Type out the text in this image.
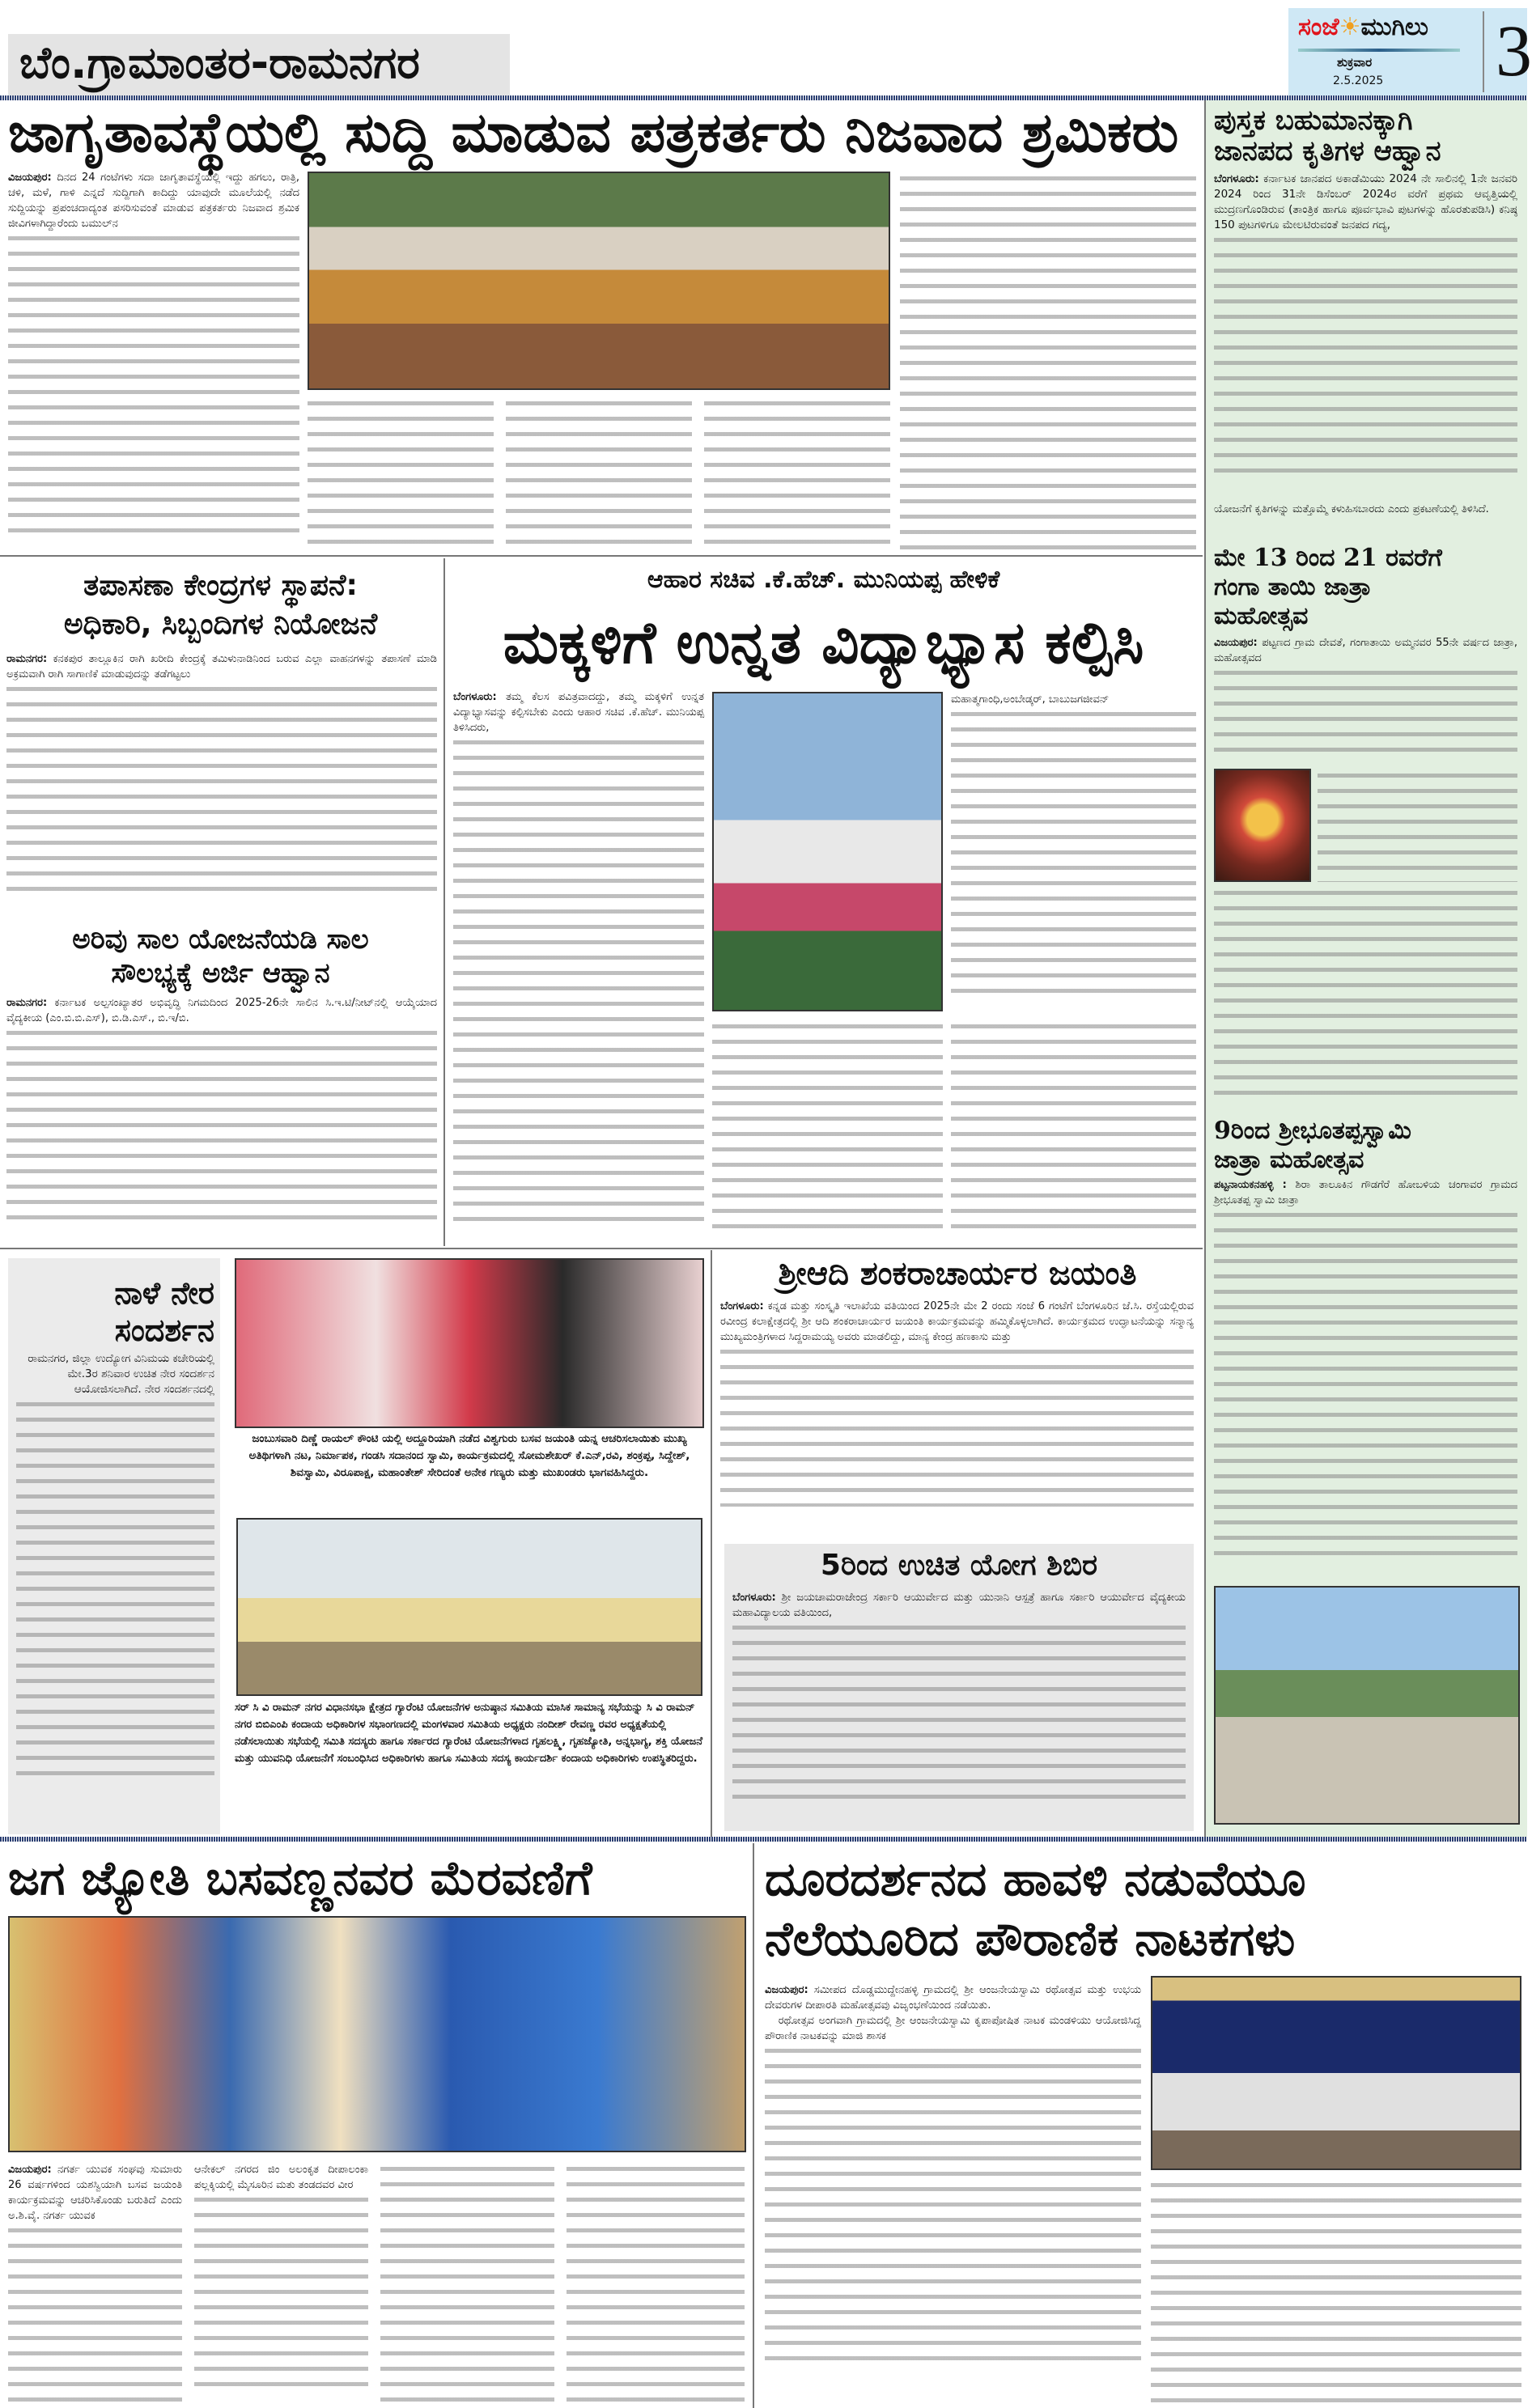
ಬೆಂ.ಗ್ರಾಮಾಂತರ-ರಾಮನಗರ
ಸಂಜೆ☀ಮುಗಿಲು
ಶುಕ್ರವಾರ
2.5.2025 3
ಪುಸ್ತಕ ಬಹುಮಾನಕ್ಕಾಗಿ
ಜಾನಪದ ಕೃತಿಗಳ ಆಹ್ವಾನ
ಬೆಂಗಳೂರು: ಕರ್ನಾಟಕ ಜಾನಪದ ಅಕಾಡೆಮಿಯು 2024 ನೇ ಸಾಲಿನಲ್ಲಿ 1ನೇ ಜನವರಿ 2024 ರಿಂದ 31ನೇ ಡಿಸೆಂಬರ್ 2024ರ ವರೆಗೆ ಪ್ರಥಮ ಆವೃತ್ತಿಯಲ್ಲಿ ಮುದ್ರಣಗೊಂಡಿರುವ (ತಾಂತ್ರಿಕ ಹಾಗೂ ಪೂರ್ವಭಾವಿ ಪುಟಗಳನ್ನು ಹೊರತುಪಡಿಸಿ) ಕನಿಷ್ಠ 150 ಪುಟಗಳಿಗೂ ಮೇಲಟಿರುವಂತೆ ಜನಪದ ಗದ್ಯ,
ಯೋಜನೆಗೆ ಕೃತಿಗಳನ್ನು ಮತ್ತೊಮ್ಮೆ ಕಳುಹಿಸಬಾರದು ಎಂದು ಪ್ರಕಟಣೆಯಲ್ಲಿ ತಿಳಿಸಿದೆ.
ಮೇ 13 ರಿಂದ 21 ರವರೆಗೆ
ಗಂಗಾ ತಾಯಿ ಜಾತ್ರಾ
ಮಹೋತ್ಸವ
ವಿಜಯಪುರ: ಪಟ್ಟಣದ ಗ್ರಾಮ ದೇವತೆ, ಗಂಗಾತಾಯಿ ಅಮ್ಮನವರ 55ನೇ ವರ್ಷದ ಜಾತ್ರಾ, ಮಹೋತ್ಸವದ
9ರಿಂದ ಶ್ರೀಭೂತಪ್ಪಸ್ವಾಮಿ
ಜಾತ್ರಾ ಮಹೋತ್ಸವ
ಪಟ್ಟನಾಯಕನಹಳ್ಳಿ : ಶಿರಾ ತಾಲೂಕಿನ ಗೌಡಗೆರೆ ಹೋಬಳಿಯ ಚಂಗಾವರ ಗ್ರಾಮದ ಶ್ರೀಭೂತಪ್ಪ ಸ್ವಾಮಿ ಜಾತ್ರಾ
ಜಾಗೃತಾವಸ್ಥೆಯಲ್ಲಿ ಸುದ್ದಿ ಮಾಡುವ ಪತ್ರಕರ್ತರು ನಿಜವಾದ ಶ್ರಮಿಕರು
ವಿಜಯಪುರ: ದಿನದ 24 ಗಂಟೆಗಳು ಸದಾ ಜಾಗೃತಾವಸ್ಥೆಯಲ್ಲಿ ಇದ್ದು ಹಗಲು, ರಾತ್ರಿ, ಚಳಿ, ಮಳೆ, ಗಾಳಿ ಎನ್ನದೆ ಸುದ್ದಿಗಾಗಿ ಕಾದಿದ್ದು ಯಾವುದೇ ಮೂಲೆಯಲ್ಲಿ ನಡೆದ ಸುದ್ದಿಯನ್ನು ಪ್ರಪಂಚದಾದ್ಯಂತ ಪಸರಿಸುವಂತೆ ಮಾಡುವ ಪತ್ರಕರ್ತರು ನಿಜವಾದ ಶ್ರಮಿಕ ಜೀವಿಗಳಾಗಿದ್ದಾರೆಂದು ಬಮುಲ್‌ನ
ತಪಾಸಣಾ ಕೇಂದ್ರಗಳ ಸ್ಥಾಪನೆ:
ಅಧಿಕಾರಿ, ಸಿಬ್ಬಂದಿಗಳ ನಿಯೋಜನೆ
ರಾಮನಗರ: ಕನಕಪುರ ತಾಲ್ಲೂಕಿನ ರಾಗಿ ಖರೀದಿ ಕೇಂದ್ರಕ್ಕೆ ತಮಿಳುನಾಡಿನಿಂದ ಬರುವ ಎಲ್ಲಾ ವಾಹನಗಳನ್ನು ತಪಾಸಣೆ ಮಾಡಿ ಅಕ್ರಮವಾಗಿ ರಾಗಿ ಸಾಗಾಣಿಕೆ ಮಾಡುವುದನ್ನು ತಡೆಗಟ್ಟಲು
ಅರಿವು ಸಾಲ ಯೋಜನೆಯಡಿ ಸಾಲ
ಸೌಲಭ್ಯಕ್ಕೆ ಅರ್ಜಿ ಆಹ್ವಾನ
ರಾಮನಗರ: ಕರ್ನಾಟಕ ಅಲ್ಪಸಂಖ್ಯಾತರ ಅಭಿವೃದ್ಧಿ ನಿಗಮದಿಂದ 2025-26ನೇ ಸಾಲಿನ ಸಿ.ಇ.ಟಿ/ನೀಟ್‌ನಲ್ಲಿ ಆಯ್ಕೆಯಾದ ವೈದ್ಯಕೀಯ (ಎಂ.ಬಿ.ಬಿ.ಎಸ್), ಬಿ.ಡಿ.ಎಸ್., ಬಿ.ಇ/ಬಿ.
ಆಹಾರ ಸಚಿವ .ಕೆ.ಹೆಚ್. ಮುನಿಯಪ್ಪ ಹೇಳಿಕೆ
ಮಕ್ಕಳಿಗೆ ಉನ್ನತ ವಿದ್ಯಾಭ್ಯಾಸ ಕಲ್ಪಿಸಿ
ಬೆಂಗಳೂರು: ತಮ್ಮ ಕೆಲಸ ಪವಿತ್ರವಾದದ್ದು, ತಮ್ಮ ಮಕ್ಕಳಿಗೆ ಉನ್ನತ ವಿದ್ಯಾಭ್ಯಾಸವನ್ನು ಕಲ್ಪಿಸಬೇಕು ಎಂದು ಆಹಾರ ಸಚಿವ .ಕೆ.ಹೆಚ್. ಮುನಿಯಪ್ಪ ತಿಳಿಸಿದರು,
ಮಹಾತ್ಮಗಾಂಧಿ,ಅಂಬೇಡ್ಕರ್, ಬಾಬುಜಗಜೀವನ್
ನಾಳೆ ನೇರ
ಸಂದರ್ಶನ
ರಾಮನಗರ, ಜಿಲ್ಲಾ ಉದ್ಯೋಗ ವಿನಿಮಯ ಕಚೇರಿಯಲ್ಲಿ ಮೇ.3ರ ಶನಿವಾರ ಉಚಿತ ನೇರ ಸಂದರ್ಶನ ಆಯೋಜಿಸಲಾಗಿದೆ. ನೇರ ಸಂದರ್ಶನದಲ್ಲಿ
ಜಂಬುಸವಾರಿ ದಿಣ್ಣೆ ರಾಯಲ್ ಕೌಂಟಿ ಯಲ್ಲಿ ಅದ್ದೂರಿಯಾಗಿ ನಡೆದ ವಿಶ್ವಗುರು ಬಸವ ಜಯಂತಿ ಯನ್ನ ಆಚರಿಸಲಾಯಿತು ಮುಖ್ಯ ಅತಿಥಿಗಳಾಗಿ ನಟ, ನಿರ್ಮಾಪಕ, ಗಂಡಸಿ ಸದಾನಂದ ಸ್ವಾಮಿ, ಕಾರ್ಯಕ್ರಮದಲ್ಲಿ ಸೋಮಶೇಖರ್ ಕೆ.ಎನ್,ರವಿ, ಶಂಕ್ರಪ್ಪ, ಸಿದ್ದೇಶ್, ಶಿವಸ್ವಾಮಿ, ವಿರೂಪಾಕ್ಷ, ಮಹಾಂತೇಶ್ ಸೇರಿದಂತೆ ಅನೇಕ ಗಣ್ಯರು ಮತ್ತು ಮುಖಂಡರು ಭಾಗವಹಿಸಿದ್ದರು.
ಸರ್ ಸಿ ವಿ ರಾಮನ್ ನಗರ ವಿಧಾನಸಭಾ ಕ್ಷೇತ್ರದ ಗ್ಯಾರೆಂಟಿ ಯೋಜನೆಗಳ ಅನುಷ್ಠಾನ ಸಮಿತಿಯ ಮಾಸಿಕ ಸಾಮಾನ್ಯ ಸಭೆಯನ್ನು ಸಿ ವಿ ರಾಮನ್ ನಗರ ಬಿಬಿಎಂಪಿ ಕಂದಾಯ ಅಧಿಕಾರಿಗಳ ಸಭಾಂಗಣದಲ್ಲಿ ಮಂಗಳವಾರ ಸಮಿತಿಯ ಅಧ್ಯಕ್ಷರು ನಂದೀಶ್ ರೇವಣ್ಣ ರವರ ಅಧ್ಯಕ್ಷತೆಯಲ್ಲಿ ನಡೆಸಲಾಯಿತು ಸಭೆಯಲ್ಲಿ ಸಮಿತಿ ಸದಸ್ಯರು ಹಾಗೂ ಸರ್ಕಾರದ ಗ್ಯಾರೆಂಟಿ ಯೋಜನೆಗಳಾದ ಗೃಹಲಕ್ಷ್ಮಿ, ಗೃಹಜ್ಯೋತಿ, ಅನ್ನಭಾಗ್ಯ, ಶಕ್ತಿ ಯೋಜನೆ ಮತ್ತು ಯುವನಿಧಿ ಯೋಜನೆಗೆ ಸಂಬಂಧಿಸಿದ ಅಧಿಕಾರಿಗಳು ಹಾಗೂ ಸಮಿತಿಯ ಸದಸ್ಯ ಕಾರ್ಯದರ್ಶಿ ಕಂದಾಯ ಅಧಿಕಾರಿಗಳು ಉಪಸ್ಥಿತರಿದ್ದರು.
ಶ್ರೀಆದಿ ಶಂಕರಾಚಾರ್ಯರ ಜಯಂತಿ
ಬೆಂಗಳೂರು: ಕನ್ನಡ ಮತ್ತು ಸಂಸ್ಕೃತಿ ಇಲಾಖೆಯ ವತಿಯಿಂದ 2025ನೇ ಮೇ 2 ರಂದು ಸಂಜೆ 6 ಗಂಟೆಗೆ ಬೆಂಗಳೂರಿನ ಜೆ.ಸಿ. ರಸ್ತೆಯಲ್ಲಿರುವ ರವೀಂದ್ರ ಕಲಾಕ್ಷೇತ್ರದಲ್ಲಿ ಶ್ರೀ ಆದಿ ಶಂಕರಾಚಾರ್ಯರ ಜಯಂತಿ ಕಾರ್ಯಕ್ರಮವನ್ನು ಹಮ್ಮಿಕೊಳ್ಳಲಾಗಿದೆ. ಕಾರ್ಯಕ್ರಮದ ಉದ್ಘಾಟನೆಯನ್ನು ಸನ್ಮಾನ್ಯ ಮುಖ್ಯಮಂತ್ರಿಗಳಾದ ಸಿದ್ದರಾಮಯ್ಯ ಅವರು ಮಾಡಲಿದ್ದು, ಮಾನ್ಯ ಕೇಂದ್ರ ಹಣಕಾಸು ಮತ್ತು
5ರಿಂದ ಉಚಿತ ಯೋಗ ಶಿಬಿರ
ಬೆಂಗಳೂರು: ಶ್ರೀ ಜಯಚಾಮರಾಜೇಂದ್ರ ಸರ್ಕಾರಿ ಆಯುರ್ವೇದ ಮತ್ತು ಯುನಾನಿ ಆಸ್ಪತ್ರೆ ಹಾಗೂ ಸರ್ಕಾರಿ ಆಯುರ್ವೇದ ವೈದ್ಯಕೀಯ ಮಹಾವಿದ್ಯಾಲಯ ವತಿಯಿಂದ,
ಜಗ ಜ್ಯೋತಿ ಬಸವಣ್ಣನವರ ಮೆರವಣಿಗೆ
ವಿಜಯಪುರ: ನಗರ್ತ ಯುವಕ ಸಂಘವು ಸುಮಾರು 26 ವರ್ಷಗಳಿಂದ ಯಶಸ್ವಿಯಾಗಿ ಬಸವ ಜಯಂತಿ ಕಾರ್ಯಕ್ರಮವನ್ನು ಆಚರಿಸಿಕೊಂಡು ಬರುತಿದೆ ಎಂದು ಅ.ಶಿ.ವೈ. ನಗರ್ತ ಯುವಕ
ಆನೇಕಲ್ ನಗರದ ಜಿಂ ಅಲಂಕೃತ ದೀಪಾಲಂಕಾ ಪಲ್ಲಕ್ಕಿಯಲ್ಲಿ ಮೈಸೂರಿನ ಮತು ತಂಡದವರ ವೀರ
ದೂರದರ್ಶನದ ಹಾವಳಿ ನಡುವೆಯೂ
ನೆಲೆಯೂರಿದ ಪೌರಾಣಿಕ ನಾಟಕಗಳು
ವಿಜಯಪುರ: ಸಮೀಪದ ದೊಡ್ಡಮುದ್ದೇನಹಳ್ಳಿ ಗ್ರಾಮದಲ್ಲಿ ಶ್ರೀ ಆಂಜನೇಯಸ್ವಾಮಿ ರಥೋತ್ಸವ ಮತ್ತು ಉಭಯ ದೇವರುಗಳ ದೀಪಾರತಿ ಮಹೋತ್ಸವವು ವಿಜೃಂಭಣೆಯಿಂದ ನಡೆಯಿತು.
ರಥೋತ್ಸವ ಅಂಗವಾಗಿ ಗ್ರಾಮದಲ್ಲಿ ಶ್ರೀ ಆಂಜನೇಯಸ್ವಾಮಿ ಕೃಪಾಪೋಷಿತ ನಾಟಕ ಮಂಡಳಿಯು ಆಯೋಜಿಸಿದ್ದ ಪೌರಾಣಿಕ ನಾಟಕವನ್ನು ಮಾಜಿ ಶಾಸಕ
